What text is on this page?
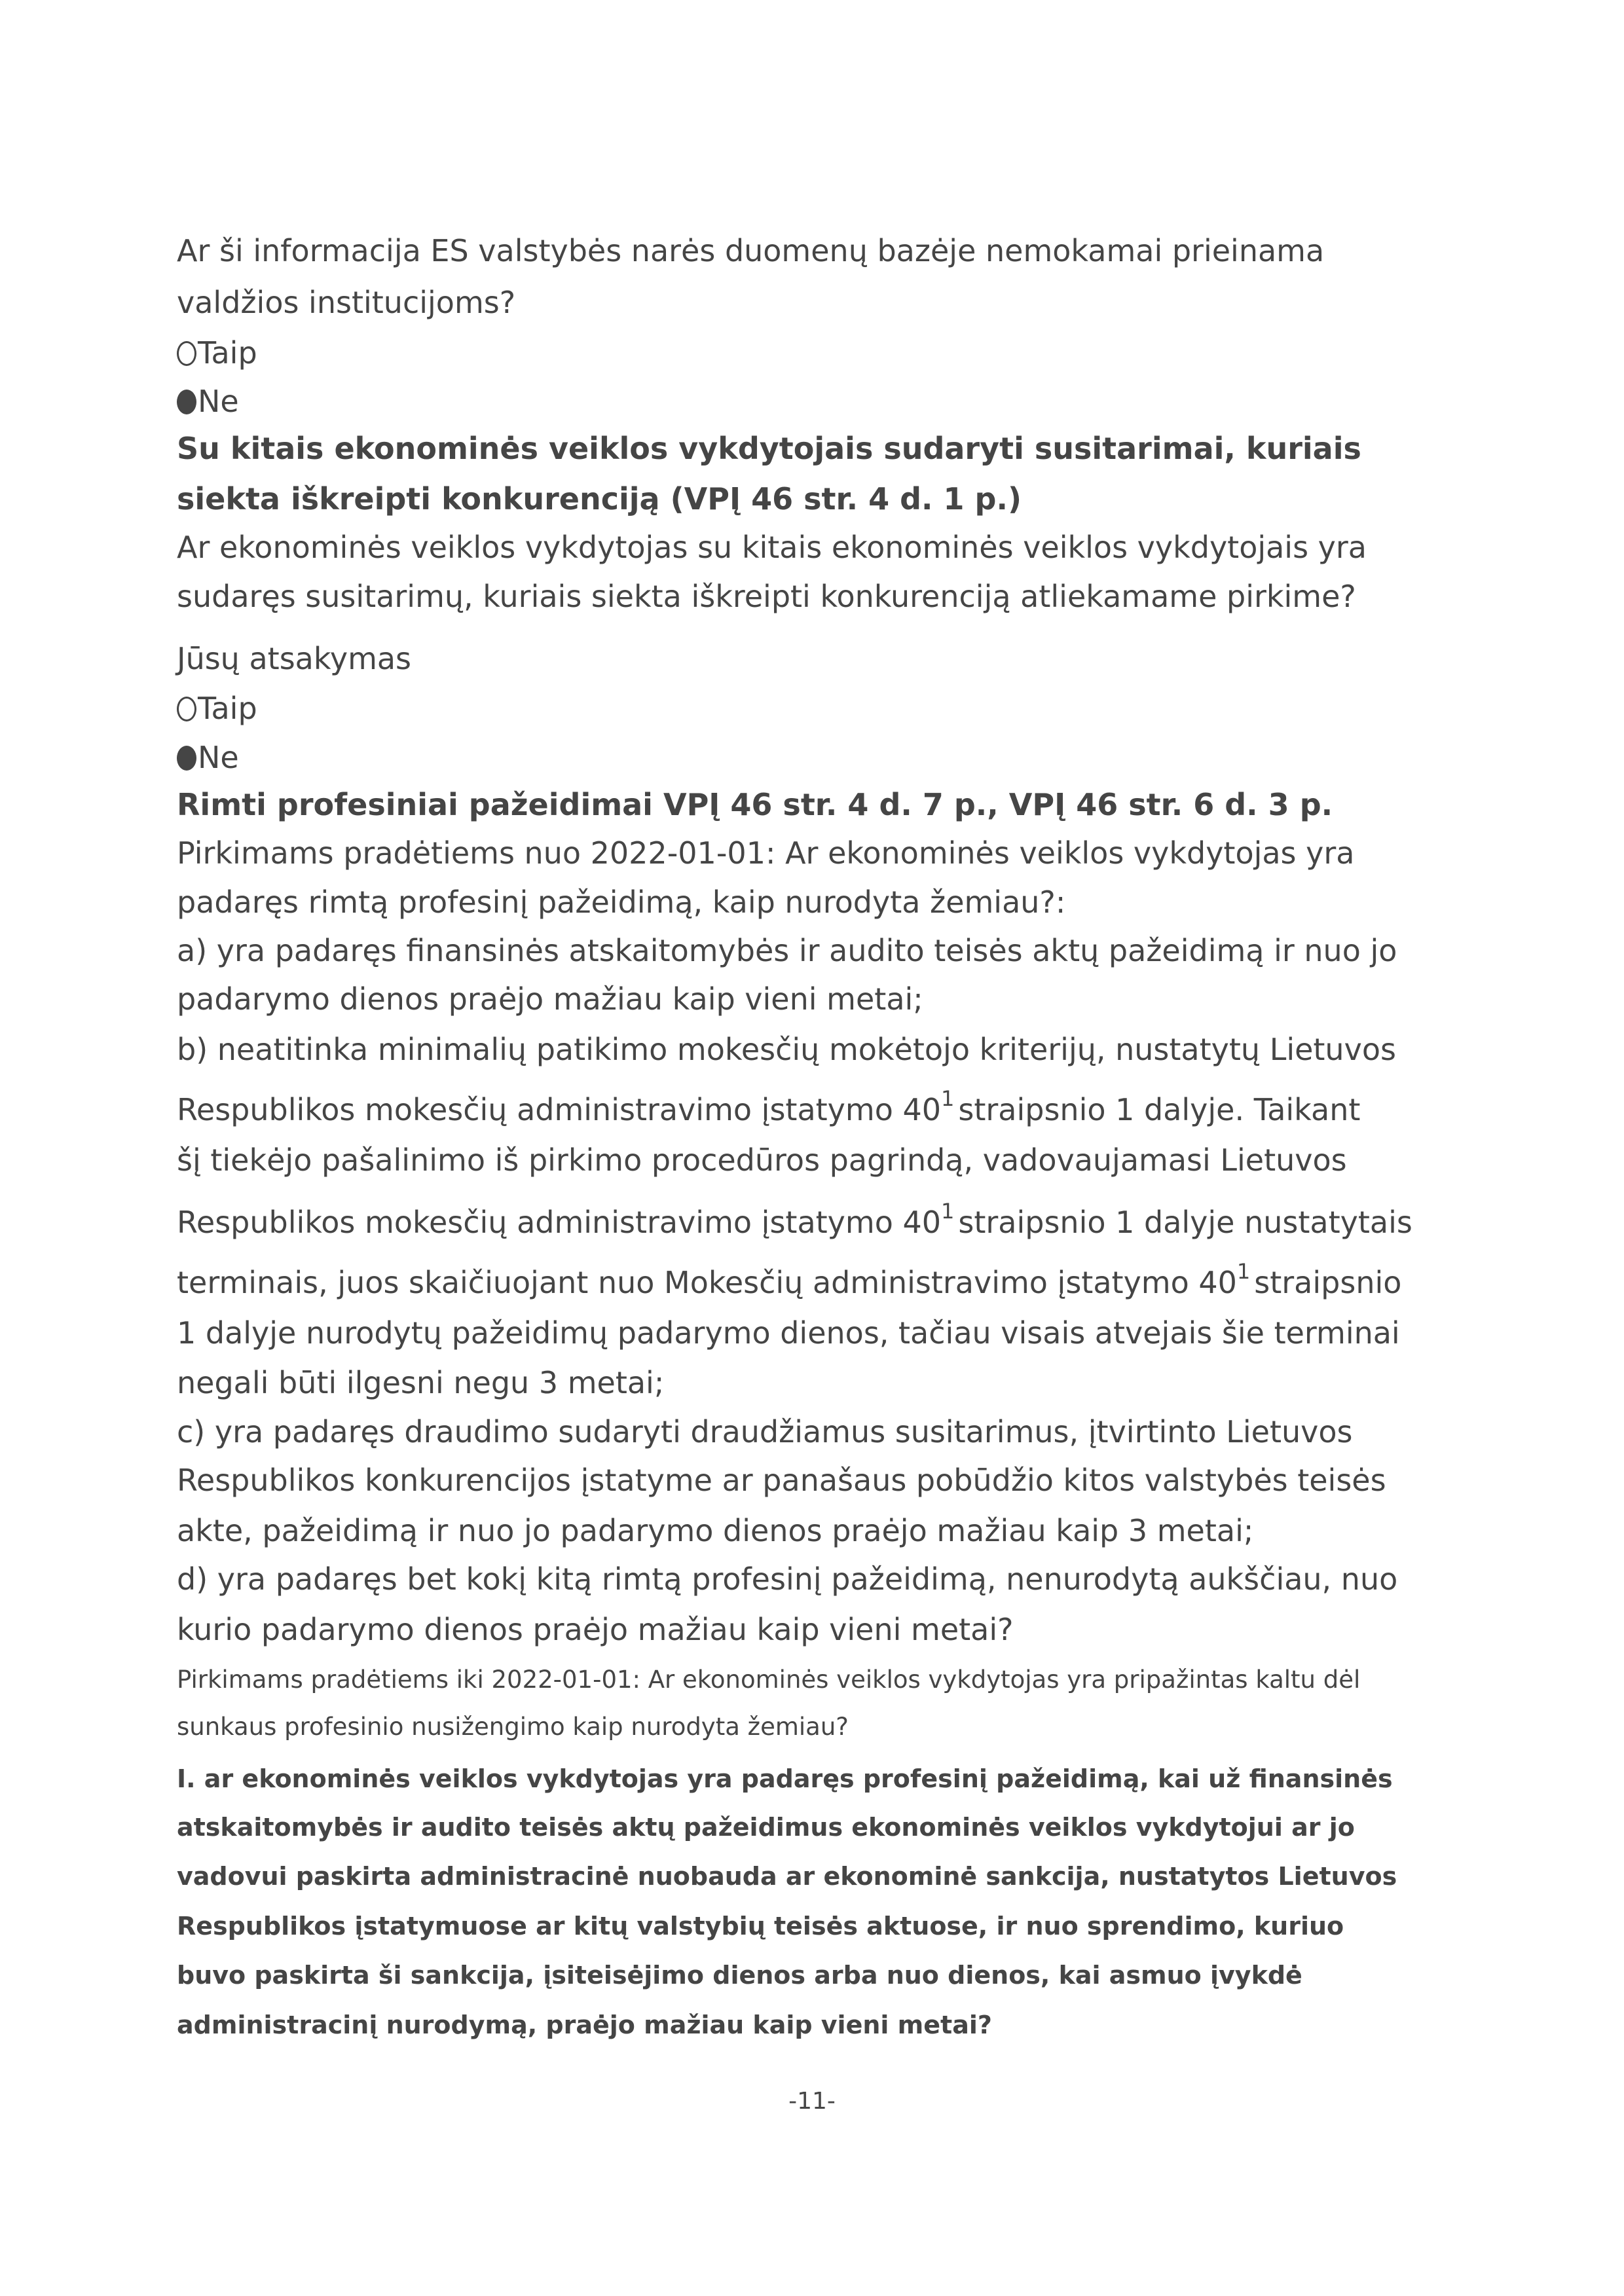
Ar ši informacija ES valstybės narės duomenų bazėje nemokamai prieinama
valdžios institucijoms?
Taip
Ne
Su kitais ekonominės veiklos vykdytojais sudaryti susitarimai, kuriais
siekta iškreipti konkurenciją (VPĮ 46 str. 4 d. 1 p.)
Ar ekonominės veiklos vykdytojas su kitais ekonominės veiklos vykdytojais yra
sudaręs susitarimų, kuriais siekta iškreipti konkurenciją atliekamame pirkime?
Jūsų atsakymas
Taip
Ne
Rimti profesiniai pažeidimai VPĮ 46 str. 4 d. 7 p., VPĮ 46 str. 6 d. 3 p.
Pirkimams pradėtiems nuo 2022-01-01: Ar ekonominės veiklos vykdytojas yra
padaręs rimtą profesinį pažeidimą, kaip nurodyta žemiau?:
a) yra padaręs finansinės atskaitomybės ir audito teisės aktų pažeidimą ir nuo jo
padarymo dienos praėjo mažiau kaip vieni metai;
b) neatitinka minimalių patikimo mokesčių mokėtojo kriterijų, nustatytų Lietuvos
Respublikos mokesčių administravimo įstatymo $40^1$ straipsnio 1 dalyje. Taikant
šį tiekėjo pašalinimo iš pirkimo procedūros pagrindą, vadovaujamasi Lietuvos
Respublikos mokesčių administravimo įstatymo $40^1$ straipsnio 1 dalyje nustatytais
terminais, juos skaičiuojant nuo Mokesčių administravimo įstatymo $40^1$ straipsnio
1 dalyje nurodytų pažeidimų padarymo dienos, tačiau visais atvejais šie terminai
negali būti ilgesni negu 3 metai;
c) yra padaręs draudimo sudaryti draudžiamus susitarimus, įtvirtinto Lietuvos
Respublikos konkurencijos įstatyme ar panašaus pobūdžio kitos valstybės teisės
akte, pažeidimą ir nuo jo padarymo dienos praėjo mažiau kaip 3 metai;
d) yra padaręs bet kokį kitą rimtą profesinį pažeidimą, nenurodytą aukščiau, nuo
kurio padarymo dienos praėjo mažiau kaip vieni metai?
Pirkimams pradėtiems iki 2022-01-01: Ar ekonominės veiklos vykdytojas yra pripažintas kaltu dėl
sunkaus profesinio nusižengimo kaip nurodyta žemiau?
I. ar ekonominės veiklos vykdytojas yra padaręs profesinį pažeidimą, kai už finansinės
atskaitomybės ir audito teisės aktų pažeidimus ekonominės veiklos vykdytojui ar jo
vadovui paskirta administracinė nuobauda ar ekonominė sankcija, nustatytos Lietuvos
Respublikos įstatymuose ar kitų valstybių teisės aktuose, ir nuo sprendimo, kuriuo
buvo paskirta ši sankcija, įsiteisėjimo dienos arba nuo dienos, kai asmuo įvykdė
administracinį nurodymą, praėjo mažiau kaip vieni metai?
-11-
